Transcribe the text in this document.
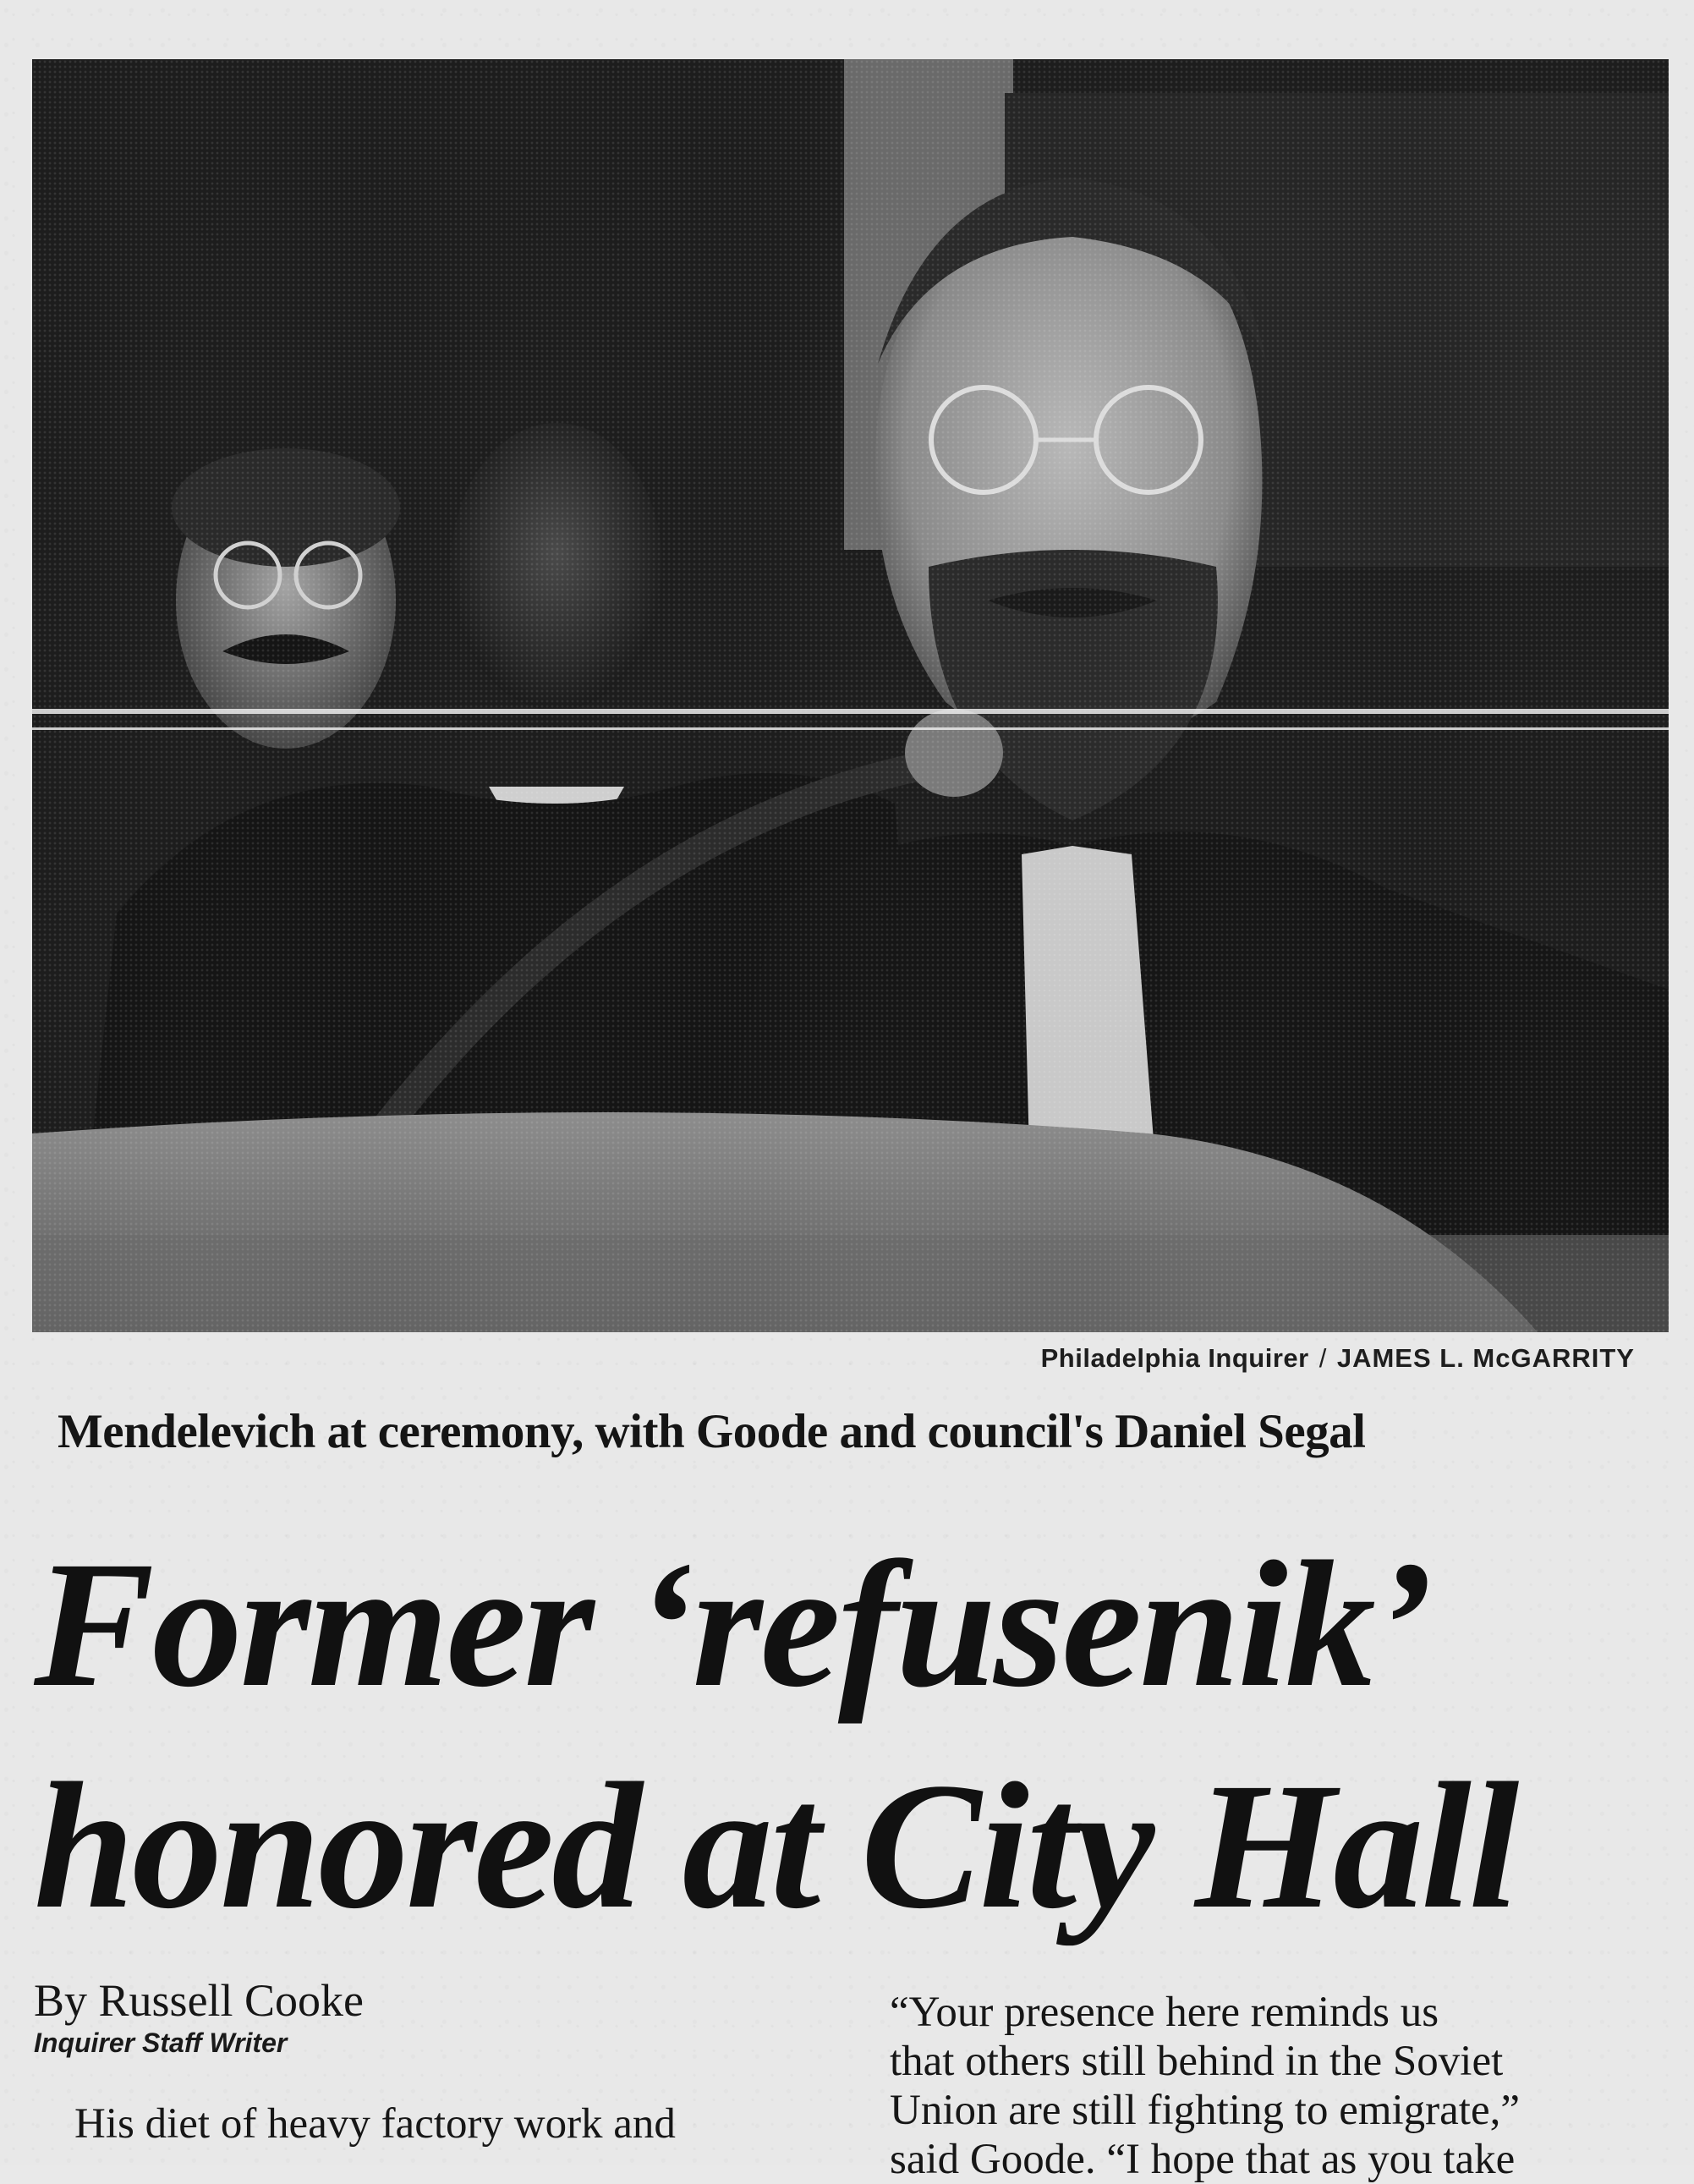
Philadelphia Inquirer / JAMES L. McGARRITY
Mendelevich at ceremony, with Goode and council's Daniel Segal
Former ‘refusenik’
honored at City Hall
By Russell Cooke
Inquirer Staff Writer
His diet of heavy factory work and
“Your presence here reminds us
that others still behind in the Soviet
Union are still fighting to emigrate,”
said Goode. “I hope that as you take
